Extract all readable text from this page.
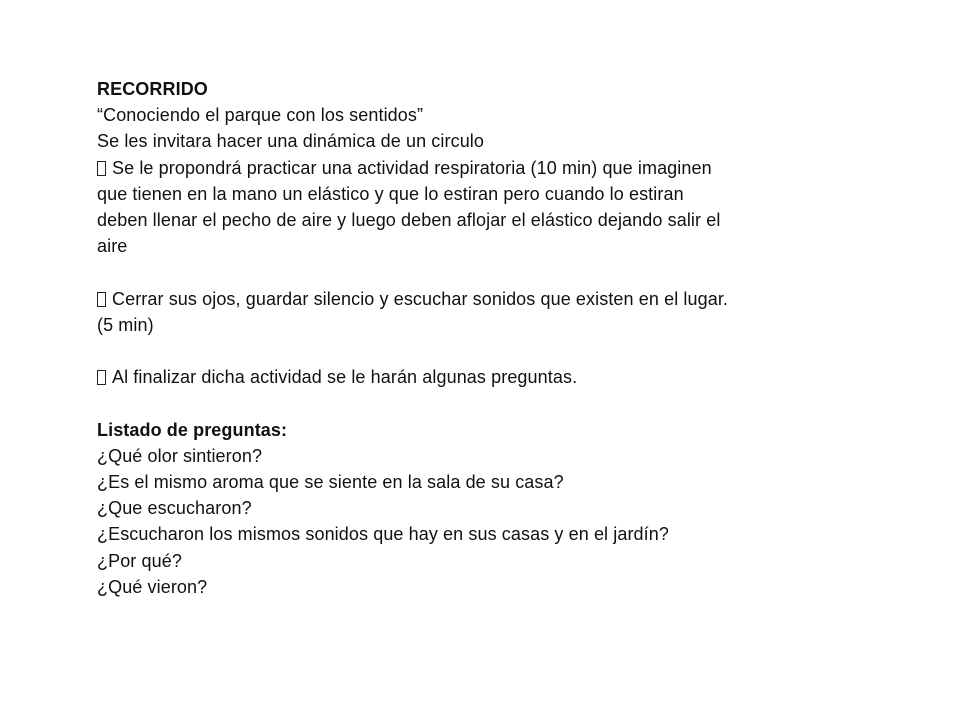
RECORRIDO
“Conociendo el parque con los sentidos”
Se les invitara hacer una dinámica de un circulo
Se le propondrá practicar una actividad respiratoria (10 min) que imaginen
que tienen en la mano un elástico y que lo estiran pero cuando lo estiran
deben llenar el pecho de aire y luego deben aflojar el elástico dejando salir el
aire
Cerrar sus ojos, guardar silencio y escuchar sonidos que existen en el lugar.
(5 min)
Al finalizar dicha actividad se le harán algunas preguntas.
Listado de preguntas:
¿Qué olor sintieron?
¿Es el mismo aroma que se siente en la sala de su casa?
¿Que escucharon?
¿Escucharon los mismos sonidos que hay en sus casas y en el jardín?
¿Por qué?
¿Qué vieron?
